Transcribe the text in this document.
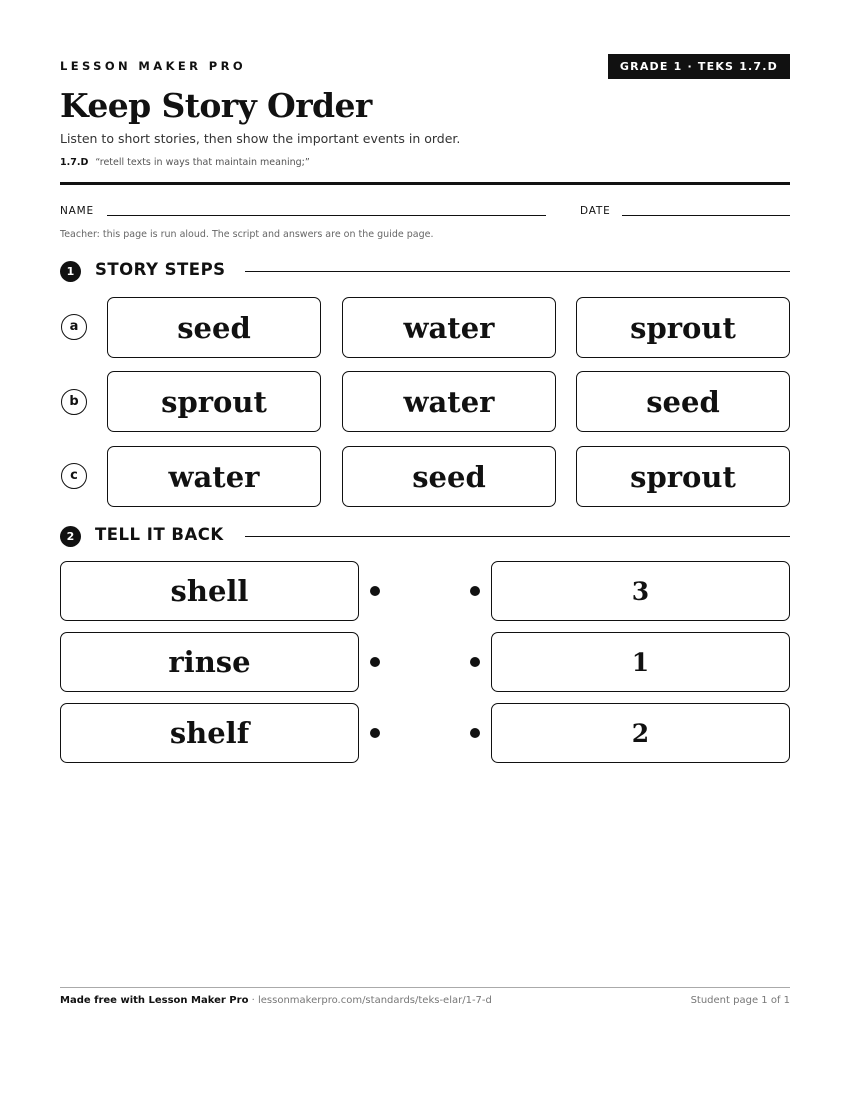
LESSON MAKER PRO	GRADE 1 · TEKS 1.7.D
Keep Story Order
Listen to short stories, then show the important events in order.
1.7.D “retell texts in ways that maintain meaning;”
NAME	DATE
Teacher: this page is run aloud. The script and answers are on the guide page.
1	STORY STEPS
a	seed	water	sprout
b	sprout	water	seed
c	water	seed	sprout
2	TELL IT BACK
shell	3
rinse	1
shelf	2
Made free with Lesson Maker Pro · lessonmakerpro.com/standards/teks-elar/1-7-d	Student page 1 of 1
